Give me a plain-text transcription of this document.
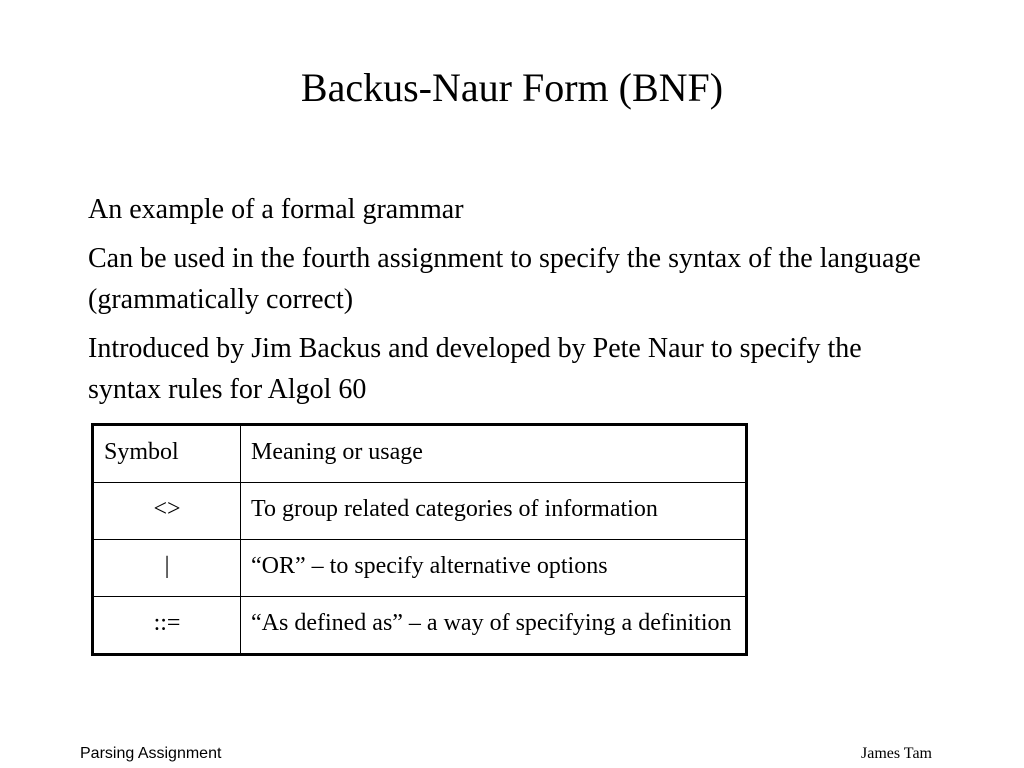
Backus-Naur Form (BNF)
An example of a formal grammar
Can be used in the fourth assignment to specify the syntax of the language (grammatically correct)
Introduced by Jim Backus and developed by Pete Naur to specify the syntax rules for Algol 60
Symbol	Meaning or usage
<>	To group related categories of information
|	“OR” – to specify alternative options
::=	“As defined as” – a way of specifying a definition
Parsing Assignment	James Tam
